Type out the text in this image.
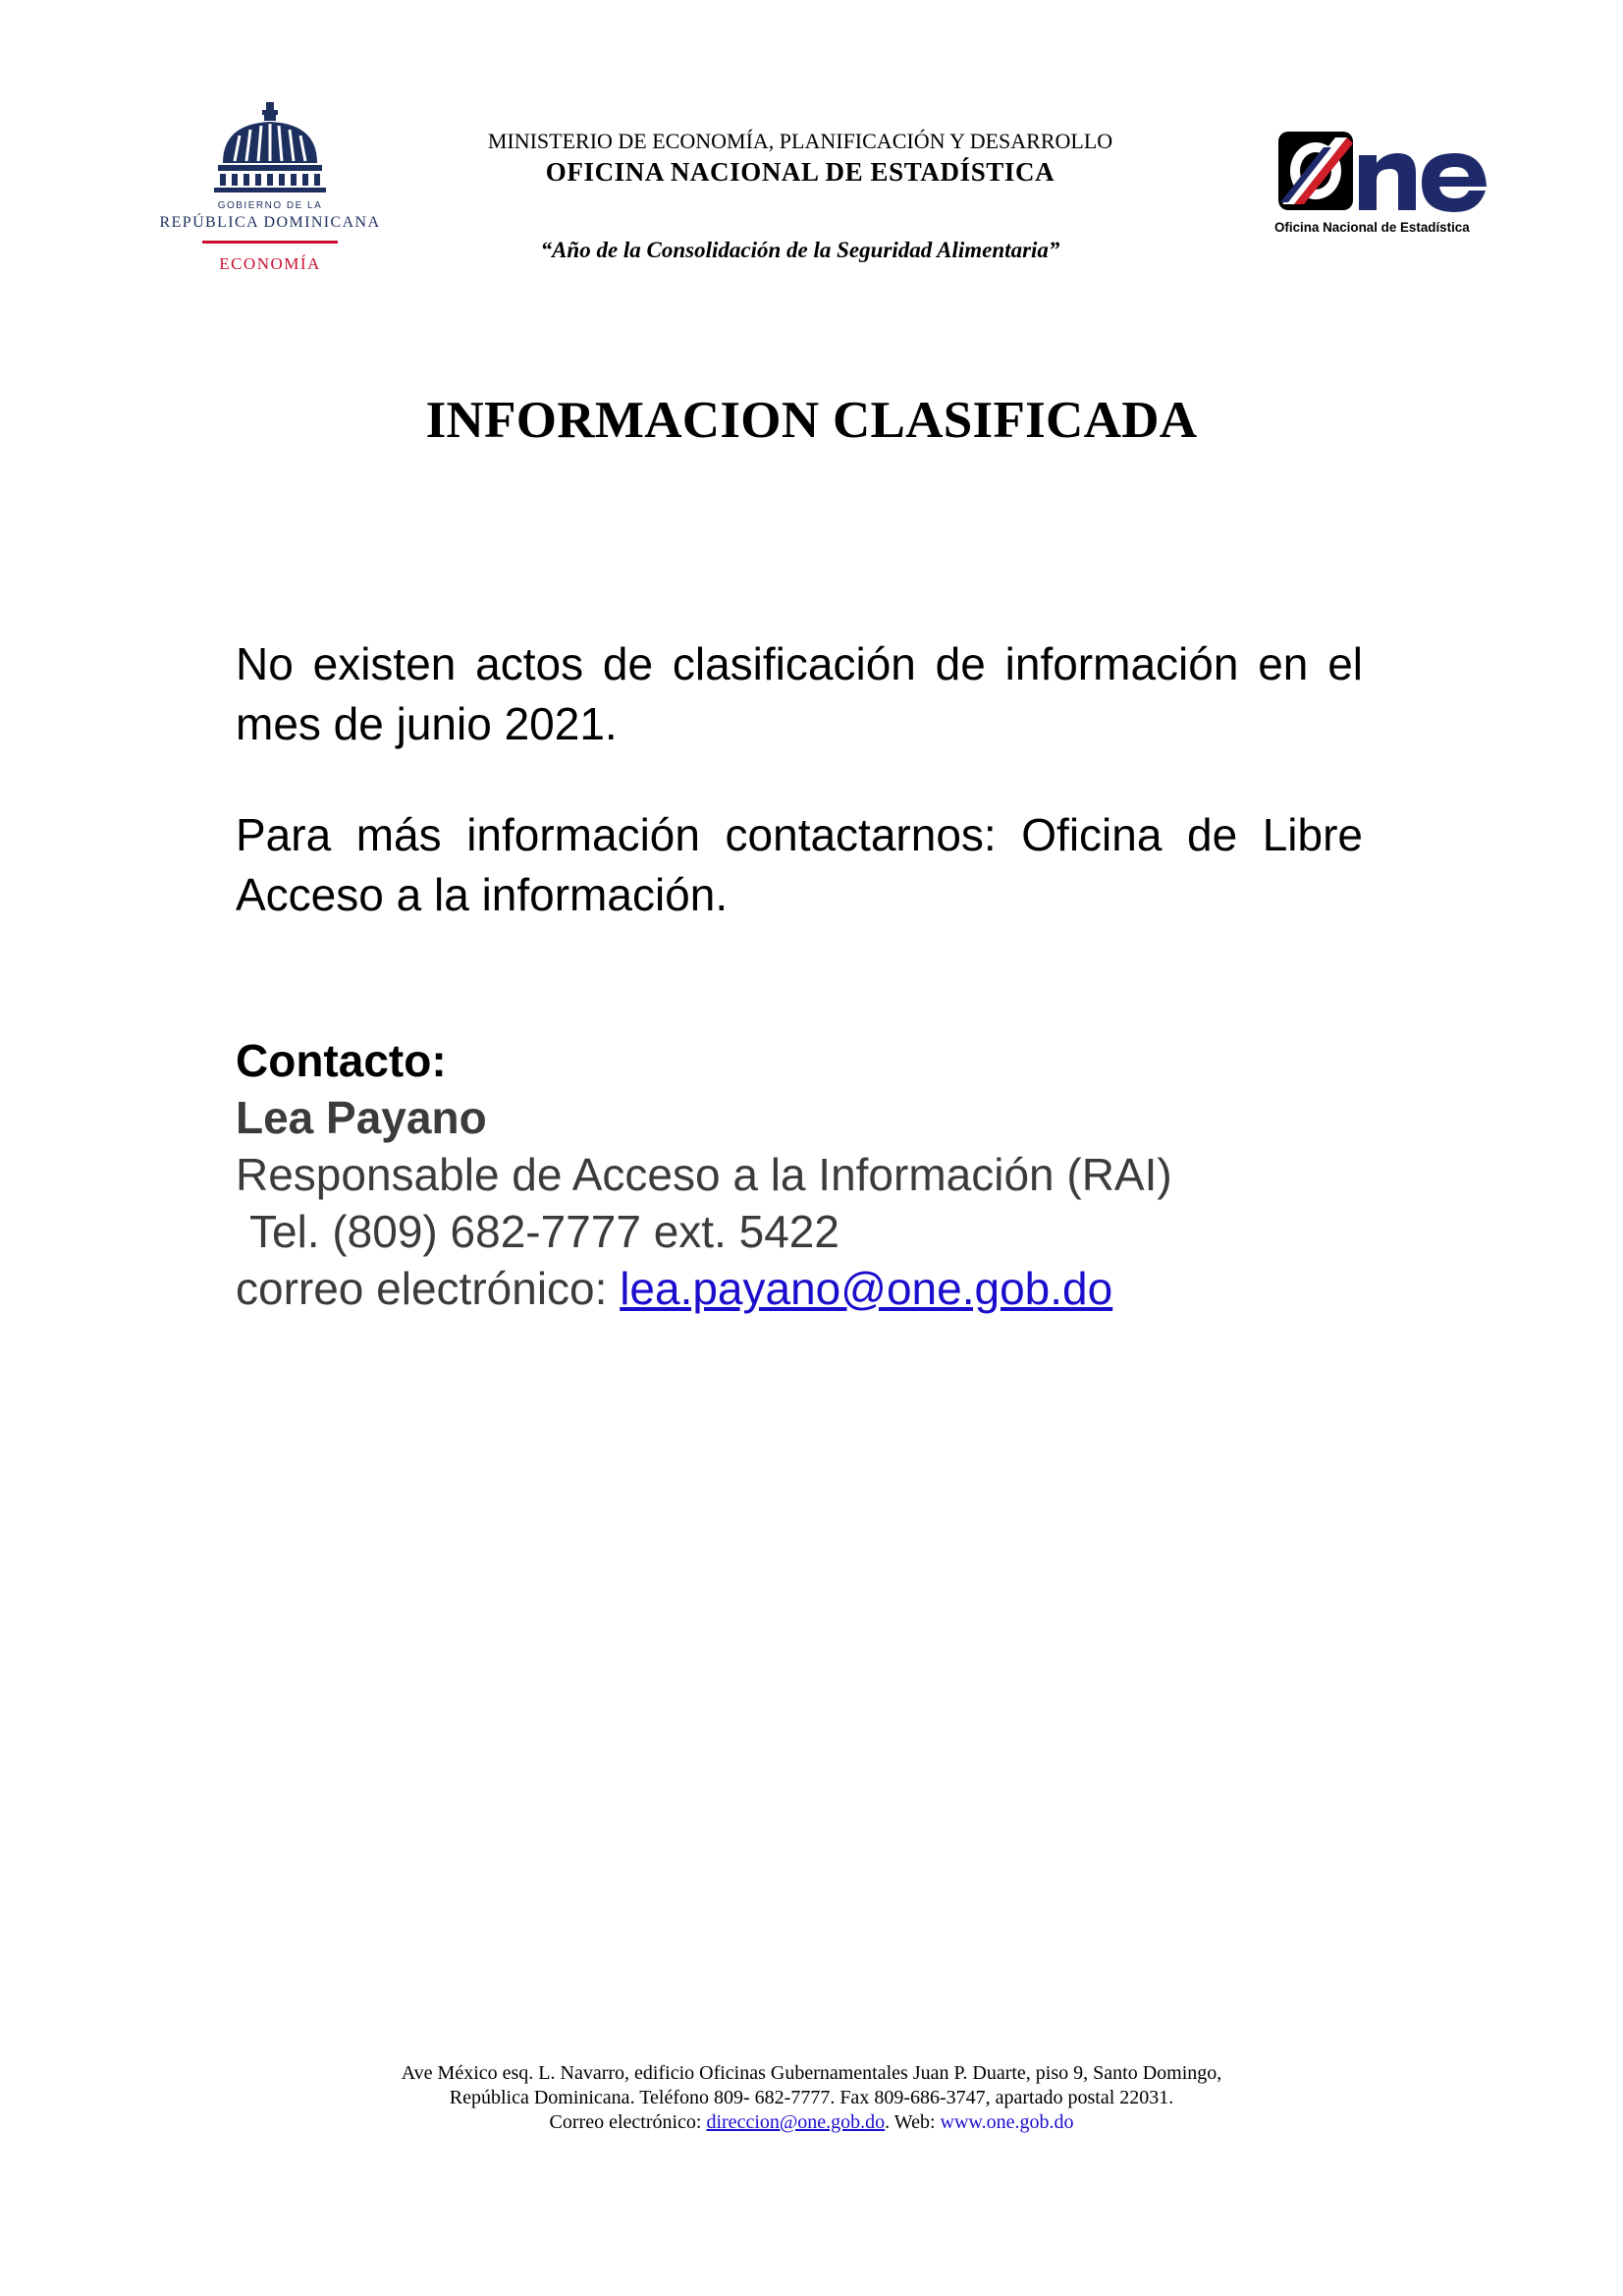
GOBIERNO DE LA
REPÚBLICA DOMINICANA
ECONOMÍA
MINISTERIO DE ECONOMÍA, PLANIFICACIÓN Y DESARROLLO
OFICINA NACIONAL DE ESTADÍSTICA
“Año de la Consolidación de la Seguridad Alimentaria”
Oficina Nacional de Estadística
INFORMACION CLASIFICADA
No existen actos de clasificación de información en el mes de junio 2021.
Para más información contactarnos: Oficina de Libre Acceso a la información.
Contacto:
Lea Payano
Responsable de Acceso a la Información (RAI)
Tel. (809) 682-7777 ext. 5422
correo electrónico: lea.payano@one.gob.do
Ave México esq. L. Navarro, edificio Oficinas Gubernamentales Juan P. Duarte, piso 9, Santo Domingo,
República Dominicana. Teléfono 809- 682-7777. Fax 809-686-3747, apartado postal 22031.
Correo electrónico: direccion@one.gob.do. Web: www.one.gob.do
